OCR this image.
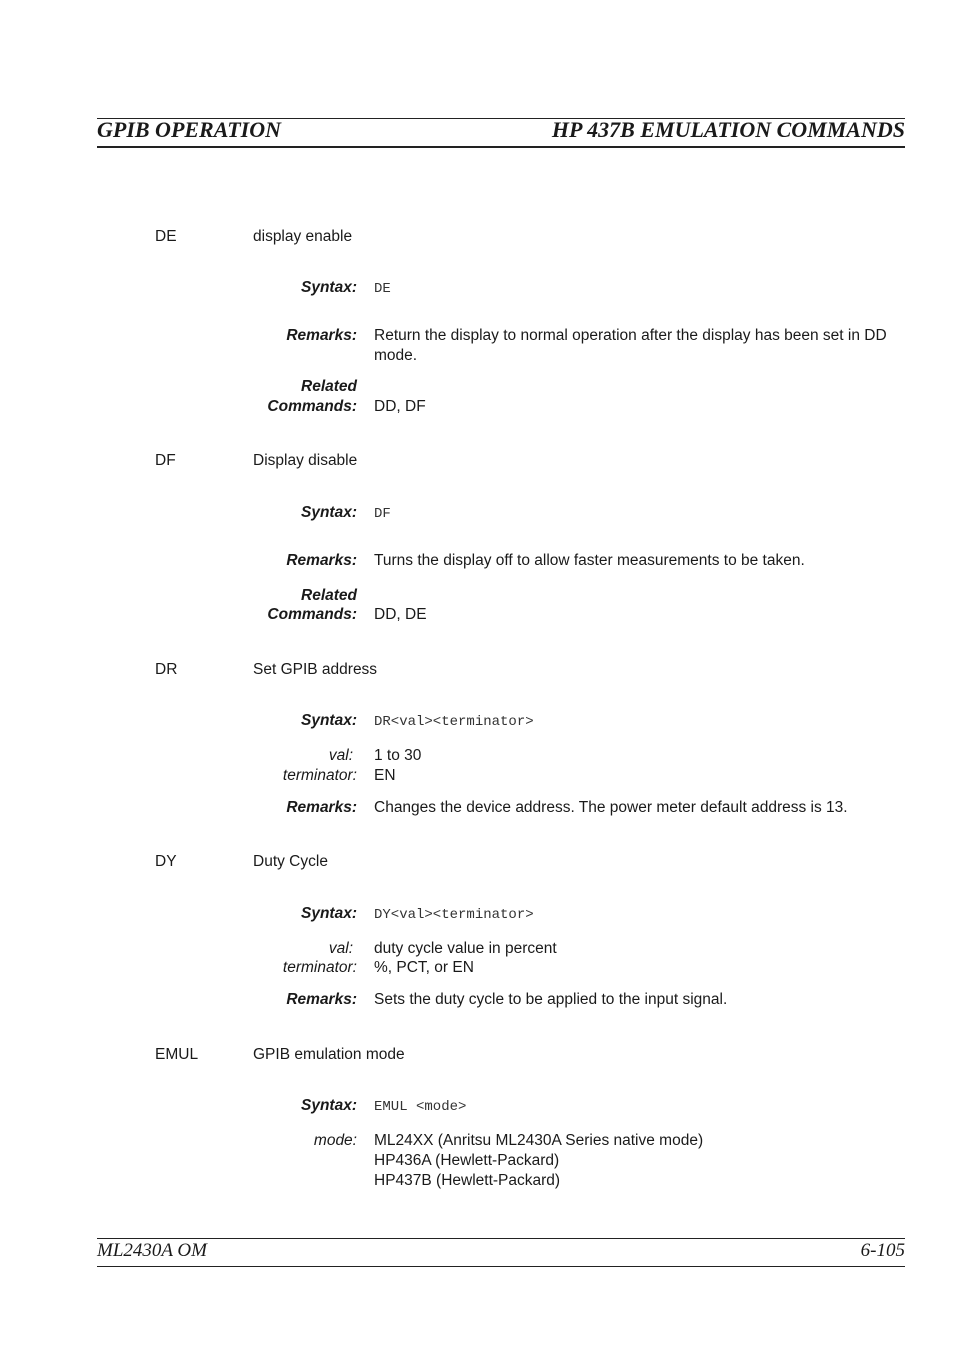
GPIB OPERATION	HP 437B EMULATION COMMANDS
DE	display enable
Syntax: DE
Remarks: Return the display to normal operation after the display has been set in DD mode.
Related
Commands: DD, DF
DF	Display disable
Syntax: DF
Remarks: Turns the display off to allow faster measurements to be taken.
Related
Commands: DD, DE
DR	Set GPIB address
Syntax: DR<val><terminator>
val: 1 to 30
terminator: EN
Remarks: Changes the device address. The power meter default address is 13.
DY	Duty Cycle
Syntax: DY<val><terminator>
val: duty cycle value in percent
terminator: %, PCT, or EN
Remarks: Sets the duty cycle to be applied to the input signal.
EMUL	GPIB emulation mode
Syntax: EMUL <mode>
mode: ML24XX (Anritsu ML2430A Series native mode)
HP436A (Hewlett-Packard)
HP437B (Hewlett-Packard)
ML2430A OM	6-105
